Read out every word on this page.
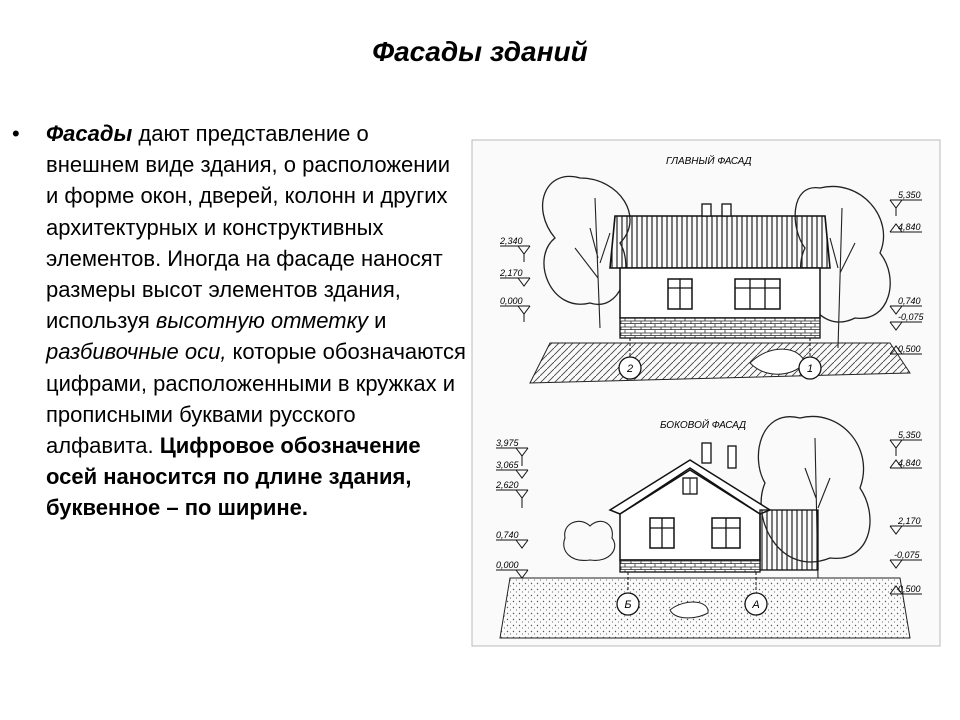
Фасады зданий
• Фасады дают представление о внешнем виде здания, о расположении и форме окон, дверей, колонн и других архитектурных и конструктивных элементов. Иногда на фасаде наносят размеры высот элементов здания, используя высотную отметку и разбивочные оси, которые обозначаются цифрами, расположенными в кружках и прописными буквами русского алфавита. Цифровое обозначение осей наносится по длине здания, буквенное – по ширине.
ГЛАВНЫЙ ФАСАД
2	1
2,340
2,170
0,000
5,350
4,840
0,740
-0,075
0,500
БОКОВОЙ ФАСАД
Б	А
3,975
3,065
2,620
0,740
0,000
5,350
4,840
2,170
-0,075
0,500
